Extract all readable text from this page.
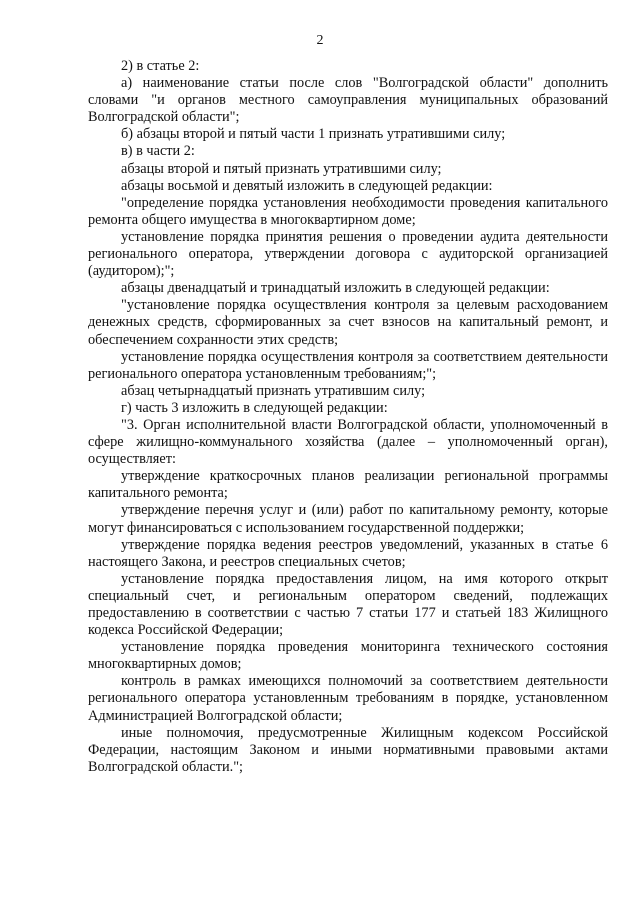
2

2) в статье 2:

а) наименование статьи после слов "Волгоградской области" дополнить словами "и органов местного самоуправления муниципальных образований Волгоградской области";

б) абзацы второй и пятый части 1 признать утратившими силу;

в) в части 2:

абзацы второй и пятый признать утратившими силу;

абзацы восьмой и девятый изложить в следующей редакции:

"определение порядка установления необходимости проведения капитального ремонта общего имущества в многоквартирном доме;

установление порядка принятия решения о проведении аудита деятельности регионального оператора, утверждении договора с аудиторской организацией (аудитором);";

абзацы двенадцатый и тринадцатый изложить в следующей редакции:

"установление порядка осуществления контроля за целевым расходованием денежных средств, сформированных за счет взносов на капитальный ремонт, и обеспечением сохранности этих средств;

установление порядка осуществления контроля за соответствием деятельности регионального оператора установленным требованиям;";

абзац четырнадцатый признать утратившим силу;

г) часть 3 изложить в следующей редакции:

"3. Орган исполнительной власти Волгоградской области, уполномоченный в сфере жилищно-коммунального хозяйства (далее – уполномоченный орган), осуществляет:

утверждение краткосрочных планов реализации региональной программы капитального ремонта;

утверждение перечня услуг и (или) работ по капитальному ремонту, которые могут финансироваться с использованием государственной поддержки;

утверждение порядка ведения реестров уведомлений, указанных в статье 6 настоящего Закона, и реестров специальных счетов;

установление порядка предоставления лицом, на имя которого открыт специальный счет, и региональным оператором сведений, подлежащих предоставлению в соответствии с частью 7 статьи 177 и статьей 183 Жилищного кодекса Российской Федерации;

установление порядка проведения мониторинга технического состояния многоквартирных домов;

контроль в рамках имеющихся полномочий за соответствием деятельности регионального оператора установленным требованиям в порядке, установленном Администрацией Волгоградской области;

иные полномочия, предусмотренные Жилищным кодексом Российской Федерации, настоящим Законом и иными нормативными правовыми актами Волгоградской области.";
